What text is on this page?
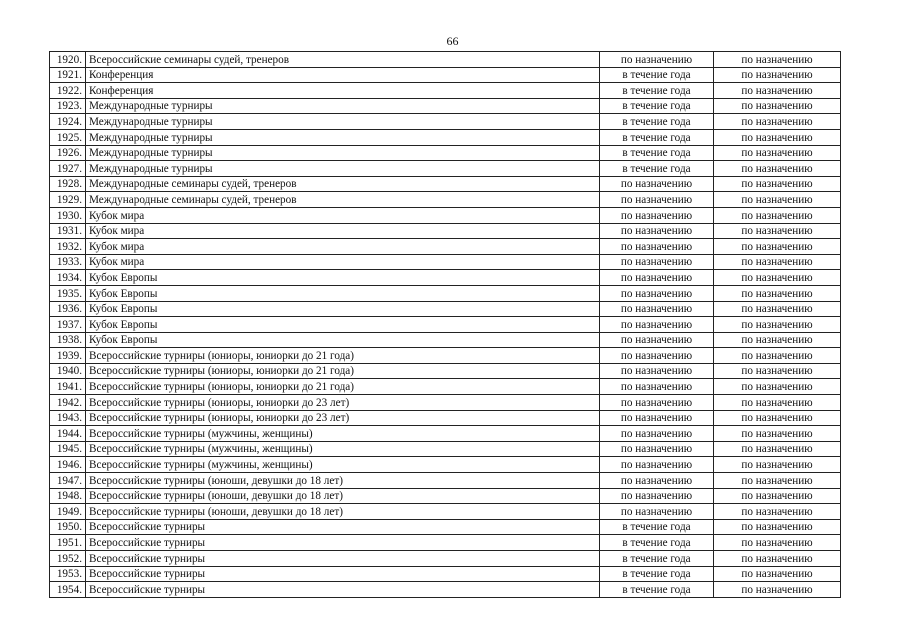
66
1920.	Всероссийские семинары судей, тренеров	по назначению	по назначению
1921.	Конференция	в течение года	по назначению
1922.	Конференция	в течение года	по назначению
1923.	Международные турниры	в течение года	по назначению
1924.	Международные турниры	в течение года	по назначению
1925.	Международные турниры	в течение года	по назначению
1926.	Международные турниры	в течение года	по назначению
1927.	Международные турниры	в течение года	по назначению
1928.	Международные семинары судей, тренеров	по назначению	по назначению
1929.	Международные семинары судей, тренеров	по назначению	по назначению
1930.	Кубок мира	по назначению	по назначению
1931.	Кубок мира	по назначению	по назначению
1932.	Кубок мира	по назначению	по назначению
1933.	Кубок мира	по назначению	по назначению
1934.	Кубок Европы	по назначению	по назначению
1935.	Кубок Европы	по назначению	по назначению
1936.	Кубок Европы	по назначению	по назначению
1937.	Кубок Европы	по назначению	по назначению
1938.	Кубок Европы	по назначению	по назначению
1939.	Всероссийские турниры (юниоры, юниорки до 21 года)	по назначению	по назначению
1940.	Всероссийские турниры (юниоры, юниорки до 21 года)	по назначению	по назначению
1941.	Всероссийские турниры (юниоры, юниорки до 21 года)	по назначению	по назначению
1942.	Всероссийские турниры (юниоры, юниорки до 23 лет)	по назначению	по назначению
1943.	Всероссийские турниры (юниоры, юниорки до 23 лет)	по назначению	по назначению
1944.	Всероссийские турниры (мужчины, женщины)	по назначению	по назначению
1945.	Всероссийские турниры (мужчины, женщины)	по назначению	по назначению
1946.	Всероссийские турниры (мужчины, женщины)	по назначению	по назначению
1947.	Всероссийские турниры (юноши, девушки до 18 лет)	по назначению	по назначению
1948.	Всероссийские турниры (юноши, девушки до 18 лет)	по назначению	по назначению
1949.	Всероссийские турниры (юноши, девушки до 18 лет)	по назначению	по назначению
1950.	Всероссийские турниры	в течение года	по назначению
1951.	Всероссийские турниры	в течение года	по назначению
1952.	Всероссийские турниры	в течение года	по назначению
1953.	Всероссийские турниры	в течение года	по назначению
1954.	Всероссийские турниры	в течение года	по назначению
